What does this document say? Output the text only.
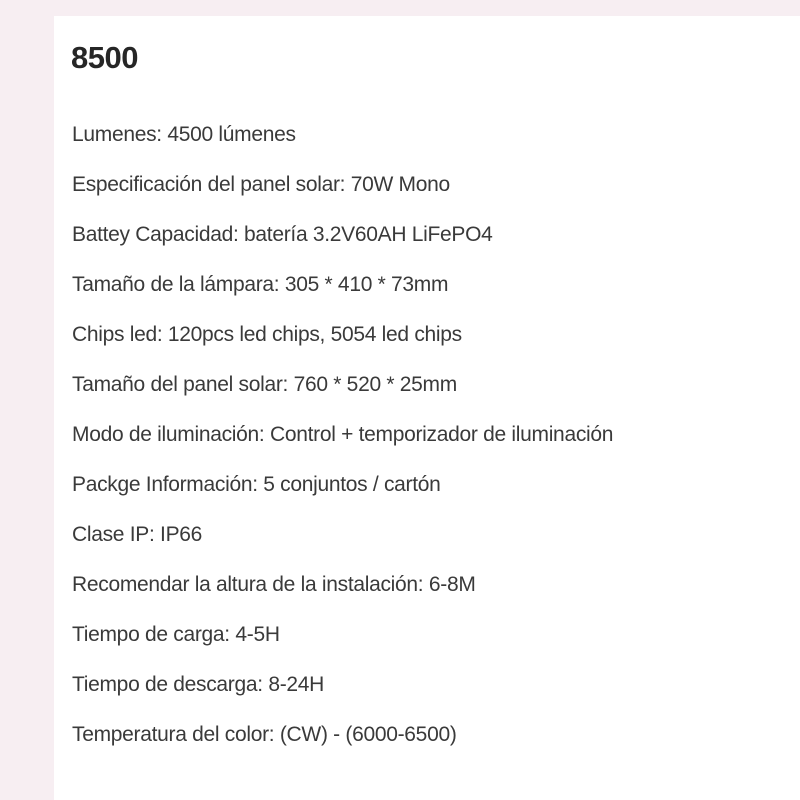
8500
Lumenes: 4500 lúmenes
Especificación del panel solar: 70W Mono
Battey Capacidad: batería 3.2V60AH LiFePO4
Tamaño de la lámpara: 305 * 410 * 73mm
Chips led: 120pcs led chips, 5054 led chips
Tamaño del panel solar: 760 * 520 * 25mm
Modo de iluminación: Control + temporizador de iluminación
Packge Información: 5 conjuntos / cartón
Clase IP: IP66
Recomendar la altura de la instalación: 6-8M
Tiempo de carga: 4-5H
Tiempo de descarga: 8-24H
Temperatura del color: (CW) - (6000-6500)
